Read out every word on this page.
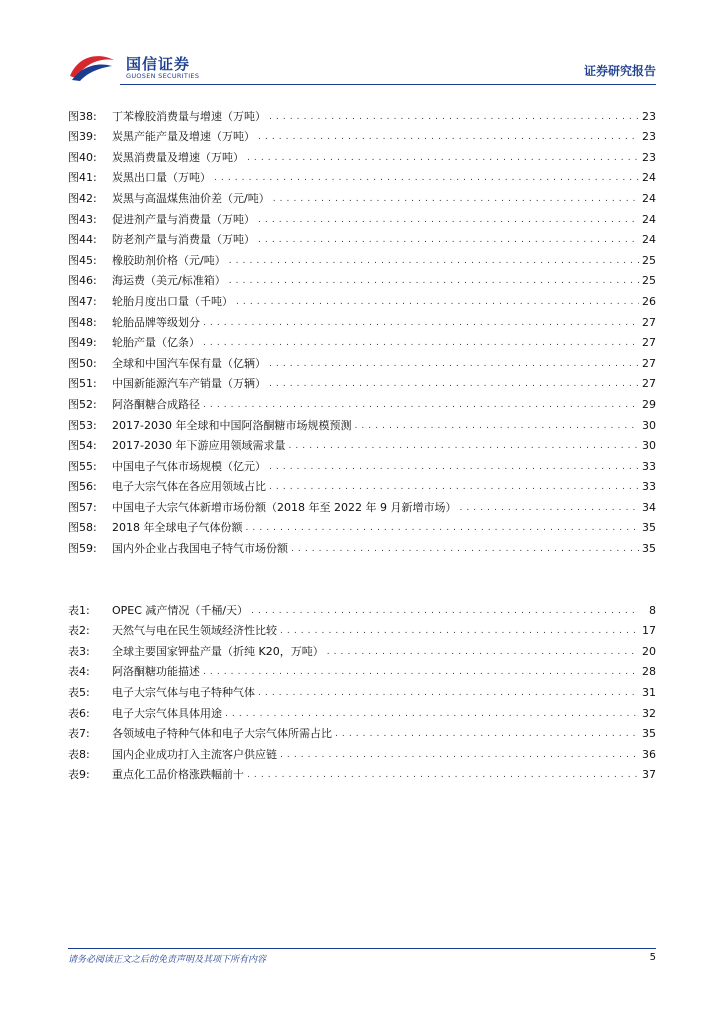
国信证券
GUOSEN SECURITIES	证券研究报告
图38:	丁苯橡胶消费量与增速（万吨） . . .	23
图39:	炭黑产能产量及增速（万吨） . . .	23
图40:	炭黑消费量及增速（万吨） . . .	23
图41:	炭黑出口量（万吨） . . .	24
图42:	炭黑与高温煤焦油价差（元/吨） . . .	24
图43:	促进剂产量与消费量（万吨） . . .	24
图44:	防老剂产量与消费量（万吨） . . .	24
图45:	橡胶助剂价格（元/吨） . . .	25
图46:	海运费（美元/标准箱） . . .	25
图47:	轮胎月度出口量（千吨） . . .	26
图48:	轮胎品牌等级划分 . . .	27
图49:	轮胎产量（亿条） . . .	27
图50:	全球和中国汽车保有量（亿辆） . . .	27
图51:	中国新能源汽车产销量（万辆） . . .	27
图52:	阿洛酮糖合成路径 . . .	29
图53:	2017-2030 年全球和中国阿洛酮糖市场规模预测 . . .	30
图54:	2017-2030 年下游应用领域需求量 . . .	30
图55:	中国电子气体市场规模（亿元） . . .	33
图56:	电子大宗气体在各应用领域占比 . . .	33
图57:	中国电子大宗气体新增市场份额（2018 年至 2022 年 9 月新增市场） . . .	34
图58:	2018 年全球电子气体份额 . . .	35
图59:	国内外企业占我国电子特气市场份额 . . .	35
表1:	OPEC 减产情况（千桶/天） . . .	8
表2:	天然气与电在民生领域经济性比较 . . .	17
表3:	全球主要国家钾盐产量（折纯 K20，万吨） . . .	20
表4:	阿洛酮糖功能描述 . . .	28
表5:	电子大宗气体与电子特种气体 . . .	31
表6:	电子大宗气体具体用途 . . .	32
表7:	各领域电子特种气体和电子大宗气体所需占比 . . .	35
表8:	国内企业成功打入主流客户供应链 . . .	36
表9:	重点化工品价格涨跌幅前十 . . .	37
请务必阅读正文之后的免责声明及其项下所有内容	5
